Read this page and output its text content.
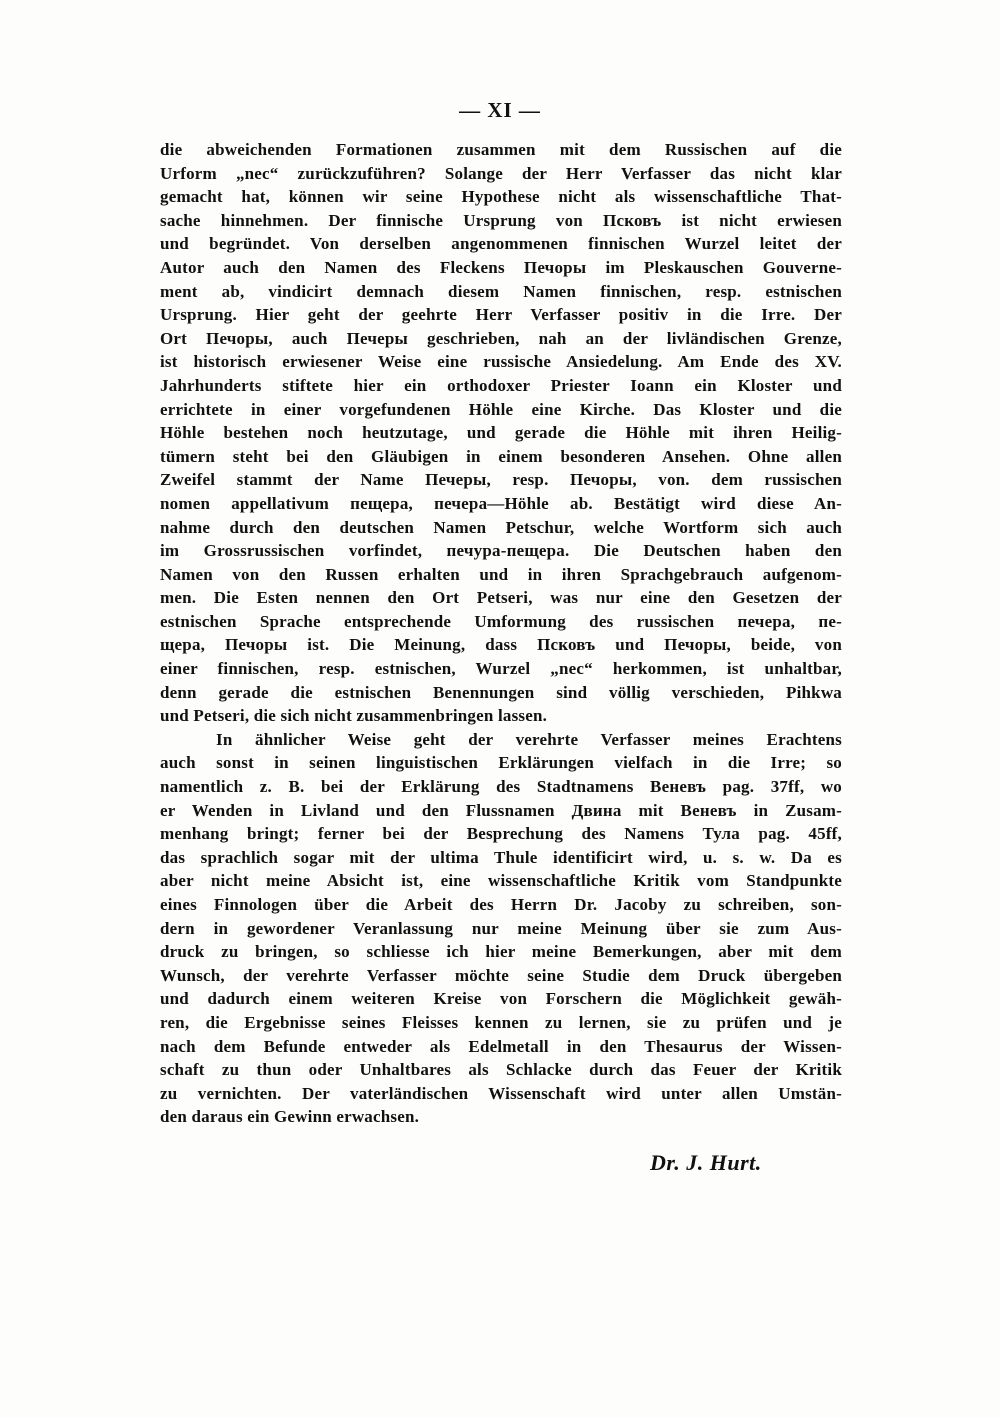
— XI —
die abweichenden Formationen zusammen mit dem Russischen auf die
Urform „nec“ zurückzuführen? Solange der Herr Verfasser das nicht klar
gemacht hat, können wir seine Hypothese nicht als wissenschaftliche That-
sache hinnehmen. Der finnische Ursprung von Псковъ ist nicht erwiesen
und begründet. Von derselben angenommenen finnischen Wurzel leitet der
Autor auch den Namen des Fleckens Печоры im Pleskauschen Gouverne-
ment ab, vindicirt demnach diesem Namen finnischen, resp. estnischen
Ursprung. Hier geht der geehrte Herr Verfasser positiv in die Irre. Der
Ort Печоры, auch Печеры geschrieben, nah an der livländischen Grenze,
ist historisch erwiesener Weise eine russische Ansiedelung. Am Ende des XV.
Jahrhunderts stiftete hier ein orthodoxer Priester Ioann ein Kloster und
errichtete in einer vorgefundenen Höhle eine Kirche. Das Kloster und die
Höhle bestehen noch heutzutage, und gerade die Höhle mit ihren Heilig-
tümern steht bei den Gläubigen in einem besonderen Ansehen. Ohne allen
Zweifel stammt der Name Печеры, resp. Печоры, von. dem russischen
nomen appellativum пещера, печера—Höhle ab. Bestätigt wird diese An-
nahme durch den deutschen Namen Petschur, welche Wortform sich auch
im Grossrussischen vorfindet, печура-пещера. Die Deutschen haben den
Namen von den Russen erhalten und in ihren Sprachgebrauch aufgenom-
men. Die Esten nennen den Ort Petseri, was nur eine den Gesetzen der
estnischen Sprache entsprechende Umformung des russischen печера, пе-
щера, Печоры ist. Die Meinung, dass Псковъ und Печоры, beide, von
einer finnischen, resp. estnischen, Wurzel „nec“ herkommen, ist unhaltbar,
denn gerade die estnischen Benennungen sind völlig verschieden, Pihkwa
und Petseri, die sich nicht zusammenbringen lassen.
In ähnlicher Weise geht der verehrte Verfasser meines Erachtens
auch sonst in seinen linguistischen Erklärungen vielfach in die Irre; so
namentlich z. B. bei der Erklärung des Stadtnamens Веневъ pag. 37ff, wo
er Wenden in Livland und den Flussnamen Двина mit Веневъ in Zusam-
menhang bringt; ferner bei der Besprechung des Namens Тула pag. 45ff,
das sprachlich sogar mit der ultima Thule identificirt wird, u. s. w. Da es
aber nicht meine Absicht ist, eine wissenschaftliche Kritik vom Standpunkte
eines Finnologen über die Arbeit des Herrn Dr. Jacoby zu schreiben, son-
dern in gewordener Veranlassung nur meine Meinung über sie zum Aus-
druck zu bringen, so schliesse ich hier meine Bemerkungen, aber mit dem
Wunsch, der verehrte Verfasser möchte seine Studie dem Druck übergeben
und dadurch einem weiteren Kreise von Forschern die Möglichkeit gewäh-
ren, die Ergebnisse seines Fleisses kennen zu lernen, sie zu prüfen und je
nach dem Befunde entweder als Edelmetall in den Thesaurus der Wissen-
schaft zu thun oder Unhaltbares als Schlacke durch das Feuer der Kritik
zu vernichten. Der vaterländischen Wissenschaft wird unter allen Umstän-
den daraus ein Gewinn erwachsen.
Dr. J. Hurt.
